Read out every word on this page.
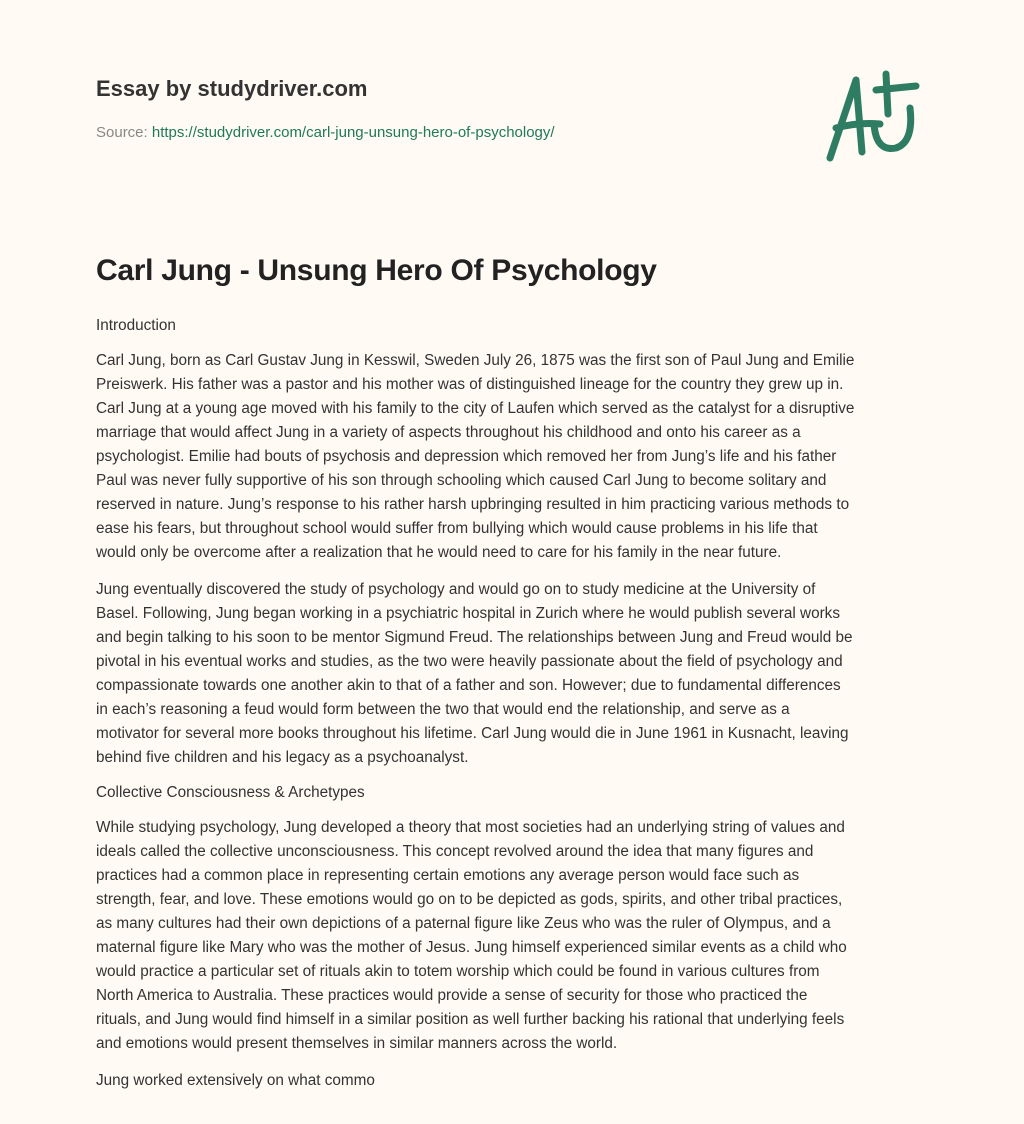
Essay by studydriver.com
Source: https://studydriver.com/carl-jung-unsung-hero-of-psychology/
Carl Jung - Unsung Hero Of Psychology

Introduction

Carl Jung, born as Carl Gustav Jung in Kesswil, Sweden July 26, 1875 was the first son of Paul Jung and Emilie
Preiswerk. His father was a pastor and his mother was of distinguished lineage for the country they grew up in.
Carl Jung at a young age moved with his family to the city of Laufen which served as the catalyst for a disruptive
marriage that would affect Jung in a variety of aspects throughout his childhood and onto his career as a
psychologist. Emilie had bouts of psychosis and depression which removed her from Jung’s life and his father
Paul was never fully supportive of his son through schooling which caused Carl Jung to become solitary and
reserved in nature. Jung’s response to his rather harsh upbringing resulted in him practicing various methods to
ease his fears, but throughout school would suffer from bullying which would cause problems in his life that
would only be overcome after a realization that he would need to care for his family in the near future.

Jung eventually discovered the study of psychology and would go on to study medicine at the University of
Basel. Following, Jung began working in a psychiatric hospital in Zurich where he would publish several works
and begin talking to his soon to be mentor Sigmund Freud. The relationships between Jung and Freud would be
pivotal in his eventual works and studies, as the two were heavily passionate about the field of psychology and
compassionate towards one another akin to that of a father and son. However; due to fundamental differences
in each’s reasoning a feud would form between the two that would end the relationship, and serve as a
motivator for several more books throughout his lifetime. Carl Jung would die in June 1961 in Kusnacht, leaving
behind five children and his legacy as a psychoanalyst.

Collective Consciousness & Archetypes

While studying psychology, Jung developed a theory that most societies had an underlying string of values and
ideals called the collective unconsciousness. This concept revolved around the idea that many figures and
practices had a common place in representing certain emotions any average person would face such as
strength, fear, and love. These emotions would go on to be depicted as gods, spirits, and other tribal practices,
as many cultures had their own depictions of a paternal figure like Zeus who was the ruler of Olympus, and a
maternal figure like Mary who was the mother of Jesus. Jung himself experienced similar events as a child who
would practice a particular set of rituals akin to totem worship which could be found in various cultures from
North America to Australia. These practices would provide a sense of security for those who practiced the
rituals, and Jung would find himself in a similar position as well further backing his rational that underlying feels
and emotions would present themselves in similar manners across the world.

Jung worked extensively on what commo
